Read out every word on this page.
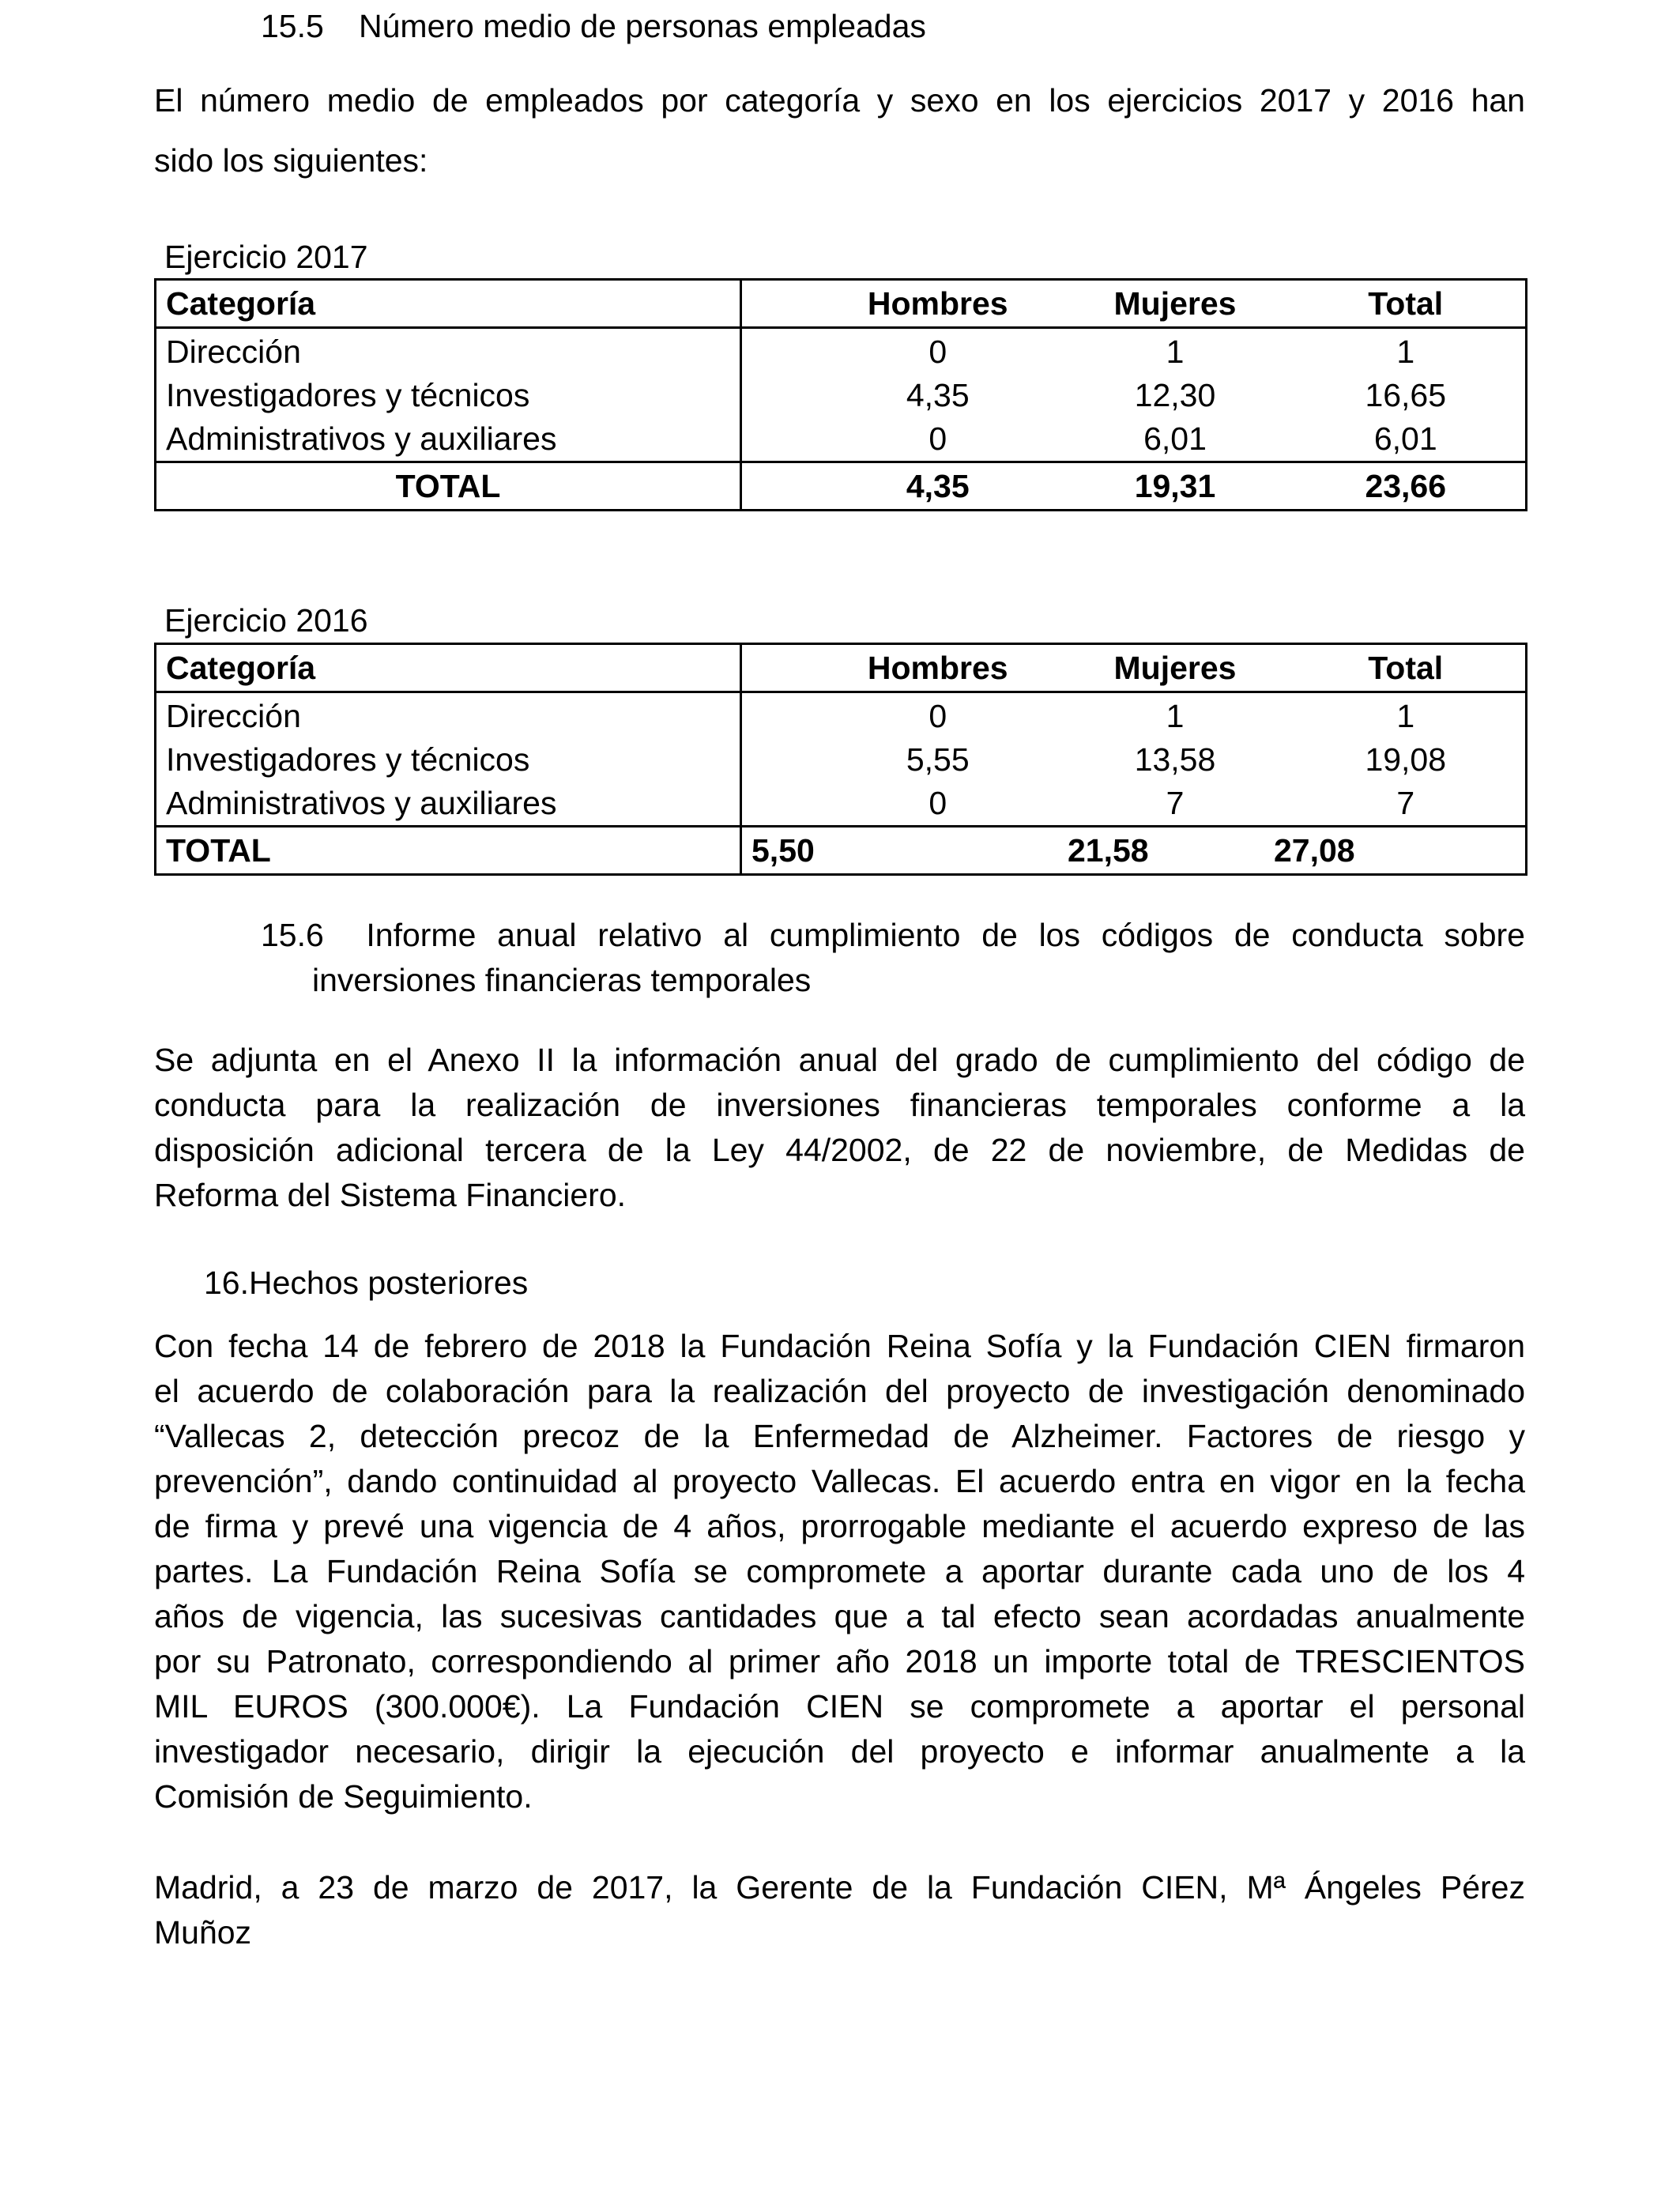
15.5 Número medio de personas empleadas
El número medio de empleados por categoría y sexo en los ejercicios 2017 y 2016 han
sido los siguientes:
Ejercicio 2017
Categoría	Hombres	Mujeres	Total
Dirección	0	1	1
Investigadores y técnicos	4,35	12,30	16,65
Administrativos y auxiliares	0	6,01	6,01
TOTAL	4,35	19,31	23,66
Ejercicio 2016
Categoría	Hombres	Mujeres	Total
Dirección	0	1	1
Investigadores y técnicos	5,55	13,58	19,08
Administrativos y auxiliares	0	7	7
TOTAL	5,50 21,58 27,08		
15.6 Informe anual relativo al cumplimiento de los códigos de conducta sobre
inversiones financieras temporales
Se adjunta en el Anexo II la información anual del grado de cumplimiento del código de
conducta para la realización de inversiones financieras temporales conforme a la
disposición adicional tercera de la Ley 44/2002, de 22 de noviembre, de Medidas de
Reforma del Sistema Financiero.
16.Hechos posteriores
Con fecha 14 de febrero de 2018 la Fundación Reina Sofía y la Fundación CIEN firmaron
el acuerdo de colaboración para la realización del proyecto de investigación denominado
“Vallecas 2, detección precoz de la Enfermedad de Alzheimer. Factores de riesgo y
prevención”, dando continuidad al proyecto Vallecas. El acuerdo entra en vigor en la fecha
de firma y prevé una vigencia de 4 años, prorrogable mediante el acuerdo expreso de las
partes. La Fundación Reina Sofía se compromete a aportar durante cada uno de los 4
años de vigencia, las sucesivas cantidades que a tal efecto sean acordadas anualmente
por su Patronato, correspondiendo al primer año 2018 un importe total de TRESCIENTOS
MIL EUROS (300.000€). La Fundación CIEN se compromete a aportar el personal
investigador necesario, dirigir la ejecución del proyecto e informar anualmente a la
Comisión de Seguimiento.
Madrid, a 23 de marzo de 2017, la Gerente de la Fundación CIEN, Mª Ángeles Pérez
Muñoz
